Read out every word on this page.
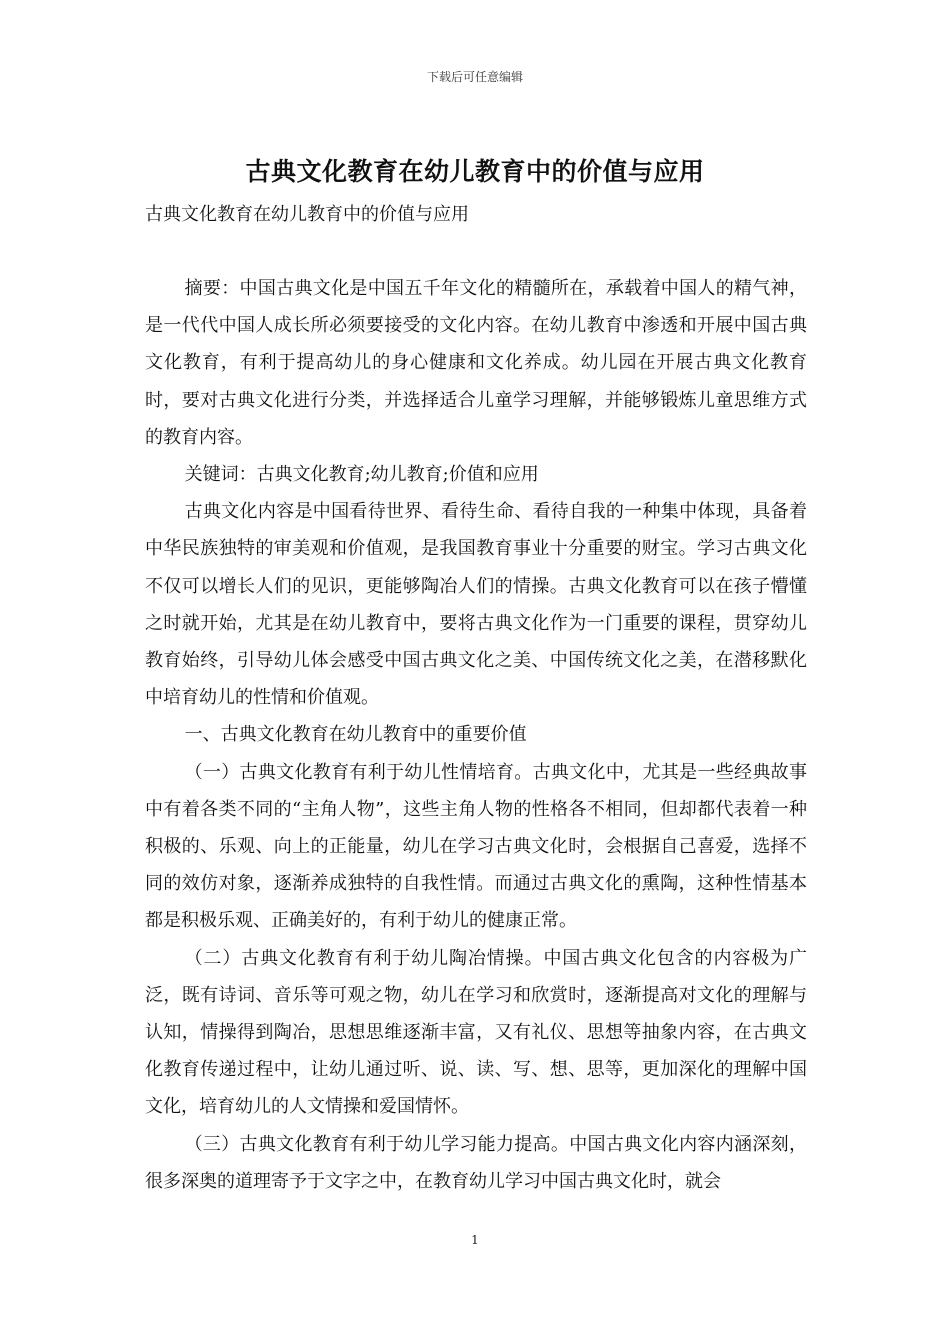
下载后可任意编辑
古典文化教育在幼儿教育中的价值与应用

古典文化教育在幼儿教育中的价值与应用

摘要：中国古典文化是中国五千年文化的精髓所在，承载着中国人的精气神，是一代代中国人成长所必须要接受的文化内容。在幼儿教育中渗透和开展中国古典文化教育，有利于提高幼儿的身心健康和文化养成。幼儿园在开展古典文化教育时，要对古典文化进行分类，并选择适合儿童学习理解，并能够锻炼儿童思维方式的教育内容。

关键词：古典文化教育;幼儿教育;价值和应用

古典文化内容是中国看待世界、看待生命、看待自我的一种集中体现，具备着中华民族独特的审美观和价值观，是我国教育事业十分重要的财宝。学习古典文化不仅可以增长人们的见识，更能够陶冶人们的情操。古典文化教育可以在孩子懵懂之时就开始，尤其是在幼儿教育中，要将古典文化作为一门重要的课程，贯穿幼儿教育始终，引导幼儿体会感受中国古典文化之美、中国传统文化之美，在潜移默化中培育幼儿的性情和价值观。

一、古典文化教育在幼儿教育中的重要价值

（一）古典文化教育有利于幼儿性情培育。古典文化中，尤其是一些经典故事中有着各类不同的“主角人物”，这些主角人物的性格各不相同，但却都代表着一种积极的、乐观、向上的正能量，幼儿在学习古典文化时，会根据自己喜爱，选择不同的效仿对象，逐渐养成独特的自我性情。而通过古典文化的熏陶，这种性情基本都是积极乐观、正确美好的，有利于幼儿的健康正常。

（二）古典文化教育有利于幼儿陶冶情操。中国古典文化包含的内容极为广泛，既有诗词、音乐等可观之物，幼儿在学习和欣赏时，逐渐提高对文化的理解与认知，情操得到陶冶，思想思维逐渐丰富，又有礼仪、思想等抽象内容，在古典文化教育传递过程中，让幼儿通过听、说、读、写、想、思等，更加深化的理解中国文化，培育幼儿的人文情操和爱国情怀。

（三）古典文化教育有利于幼儿学习能力提高。中国古典文化内容内涵深刻，很多深奥的道理寄予于文字之中，在教育幼儿学习中国古典文化时，就会

1
